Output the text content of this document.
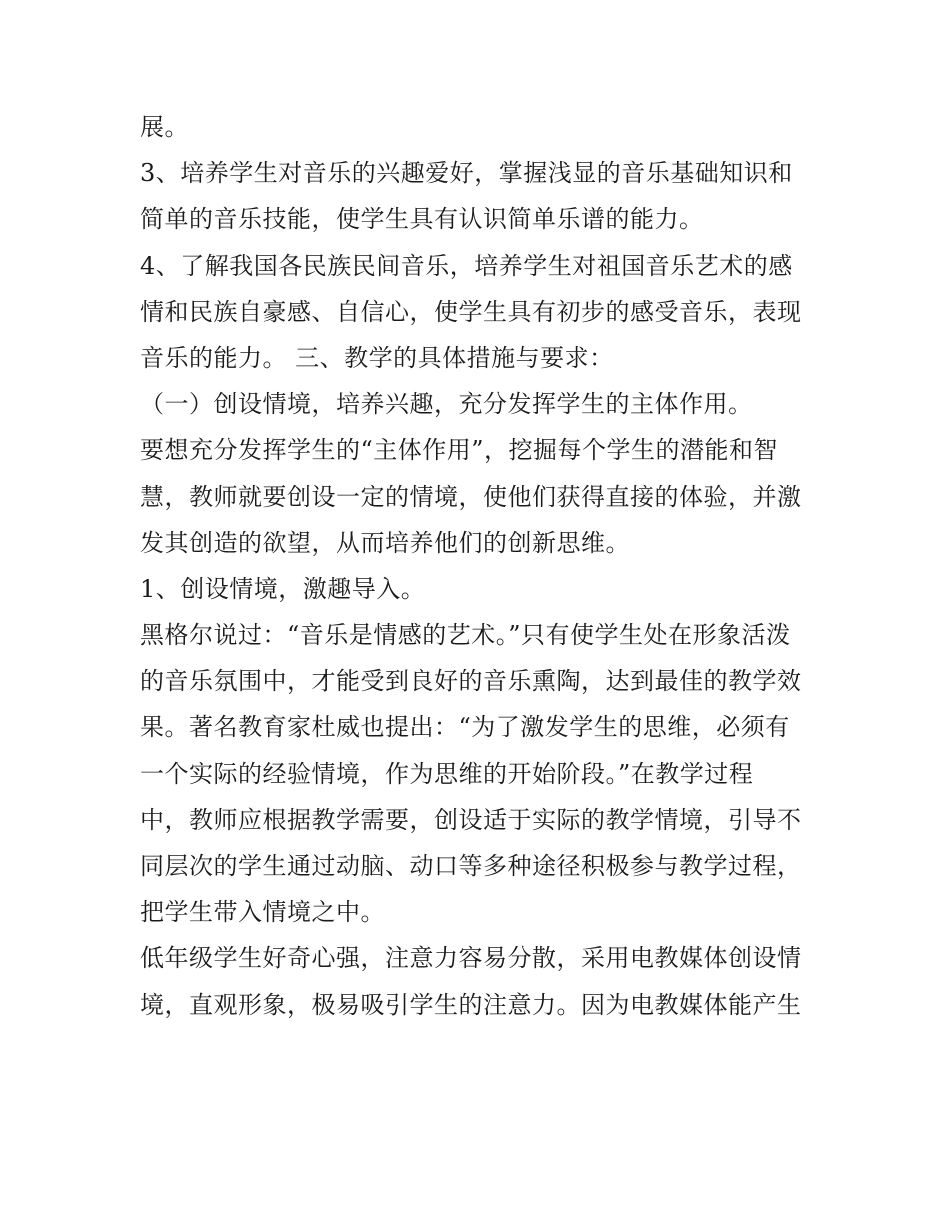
展。
3、培养学生对音乐的兴趣爱好，掌握浅显的音乐基础知识和
简单的音乐技能，使学生具有认识简单乐谱的能力。
4、了解我国各民族民间音乐，培养学生对祖国音乐艺术的感
情和民族自豪感、自信心，使学生具有初步的感受音乐，表现
音乐的能力。 三、教学的具体措施与要求：
（一）创设情境，培养兴趣，充分发挥学生的主体作用。
要想充分发挥学生的“主体作用”，挖掘每个学生的潜能和智
慧，教师就要创设一定的情境，使他们获得直接的体验，并激
发其创造的欲望，从而培养他们的创新思维。
1、创设情境，激趣导入。
黑格尔说过：“音乐是情感的艺术。”只有使学生处在形象活泼
的音乐氛围中，才能受到良好的音乐熏陶，达到最佳的教学效
果。著名教育家杜威也提出：“为了激发学生的思维，必须有
一个实际的经验情境，作为思维的开始阶段。”在教学过程
中，教师应根据教学需要，创设适于实际的教学情境，引导不
同层次的学生通过动脑、动口等多种途径积极参与教学过程，
把学生带入情境之中。
低年级学生好奇心强，注意力容易分散，采用电教媒体创设情
境，直观形象，极易吸引学生的注意力。因为电教媒体能产生
